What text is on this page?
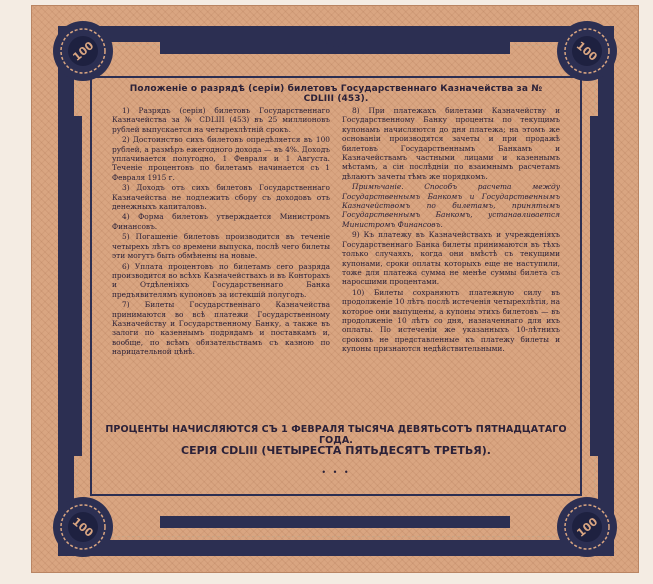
100	100
100	100
Положеніе о разрядѣ (серіи) билетовъ Государственнаго Казначейства за № CDLIII (453).

1) Разрядъ (серія) билетовъ Государственнаго Казначейства за № CDLIII (453) въ 25 миллионовъ рублей выпускается на четырехлѣтній срокъ.

2) Достоинство сихъ билетовъ опредѣляется въ 100 рублей, а размѣръ ежегодного дохода — въ 4%. Доходъ уплачивается полугодно, 1 Февраля и 1 Августа. Теченіе процентовъ по билетамъ начинается съ 1 Февраля 1915 г.

3) Доходъ отъ сихъ билетовъ Государственнаго Казначейства не подлежитъ сбору съ доходовъ отъ денежныхъ капиталовъ.

4) Форма билетовъ утверждается Министромъ Финансовъ.

5) Погашеніе билетовъ производится въ теченіе четырехъ лѣтъ со времени выпуска, послѣ чего билеты эти могутъ быть обмѣнены на новые.

6) Уплата процентовъ по билетамъ сего разряда производится во всѣхъ Казначействахъ и въ Конторахъ и Отдѣленіяхъ Государственнаго Банка предъявителямъ купоновъ за истекшій полугодъ.

7) Билеты Государственнаго Казначейства принимаются во всѣ платежи Государственному Казначейству и Государственному Банку, а также въ залоги по казеннымъ подрядамъ и поставкамъ и, вообще, по всѣмъ обязательствамъ съ казною по нарицательной цѣнѣ.

8) При платежахъ билетами Казначейству и Государственному Банку проценты по текущимъ купонамъ начисляются до дня платежа; на этомъ же основаніи производятся зачеты и при продажѣ билетовъ Государственнымъ Банкамъ и Казначействамъ частными лицами и казеннымъ мѣстамъ, а сін послѣдніи по взаимнымъ расчетамъ дѣлаютъ зачеты тѣмъ же порядкомъ.

Примѣчаніе. Способъ расчета между Государственнымъ Банкомъ и Государственнымъ Казначействомъ по билетамъ, принятымъ Государственнымъ Банкомъ, устанавливается Министромъ Финансовъ.

9) Къ платежу въ Казначействахъ и учрежденіяхъ Государственнаго Банка билеты принимаются въ тѣхъ только случаяхъ, когда они вмѣстѣ съ текущими купонами, сроки оплаты которыхъ еще не наступили, тоже для платежа сумма не менѣе суммы билета съ наросшими процентами.

10) Билеты сохраняютъ платежную силу въ продолженіе 10 лѣтъ послѣ истеченія четырехлѣтія, на которое они выпущены, а купоны этихъ билетовъ — въ продолженіе 10 лѣтъ со дня, назначеннаго для ихъ оплаты. По истеченіи же указанныхъ 10-лѣтнихъ сроковъ не представленные къ платежу билеты и купоны признаются недѣйствительными.

ПРОЦЕНТЫ НАЧИСЛЯЮТСЯ СЪ 1 ФЕВРАЛЯ ТЫСЯЧА ДЕВЯТЬСОТЪ ПЯТНАДЦАТАГО ГОДА.
СЕРІЯ CDLIII (ЧЕТЫРЕСТА ПЯТЬДЕСЯТЪ ТРЕТЬЯ).
• • •
